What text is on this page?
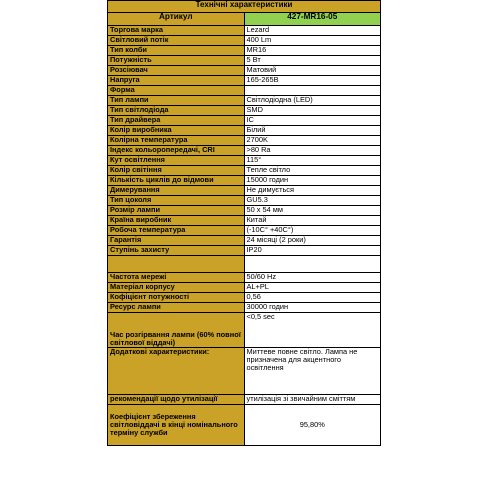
Технічні характеристики	
Артикул	427-MR16-05
Торгова марка	Lezard
Світловий потік	400 Lm
Тип колби	MR16
Потужність	5 Вт
Розсіювач	Матовий
Напруга	165-265В
Форма	
Тип лампи	Світлодіодна (LED)
Тип світлодіода	SMD
Тип драйвера	IC
Колір виробника	Білий
Колірна температура	2700K
Індекс кольоропередачі, CRI	>80 Ra
Кут освітлення	115°
Колір світіння	Тепле світло
Кількість циклів до відмови	15000 годин
Димерування	Не димується
Тип цоколя	GU5.3
Розмір лампи	50 x 54 мм
Країна виробник	Китай
Робоча температура	(-10C° +40C°)
Гарантія	24 місяці (2 роки)
Ступінь захисту	IP20

Частота мережі	50/60 Hz
Матеріал корпусу	AL+PL
Кофіцієнт потужності	0,56
Ресурс лампи	30000 годин
Час розгірвання лампи (60% повної світлової віддачі)	<0,5 sec
Додаткові характеристики:	Миттеве повне світло. Лампа не призначена для акцентного освітлення
рекомендації щодо утилізації	утилізація зі звичайним сміттям
Коефіцієнт збереження світловіддачі в кінці номінального терміну служби	95,80%
